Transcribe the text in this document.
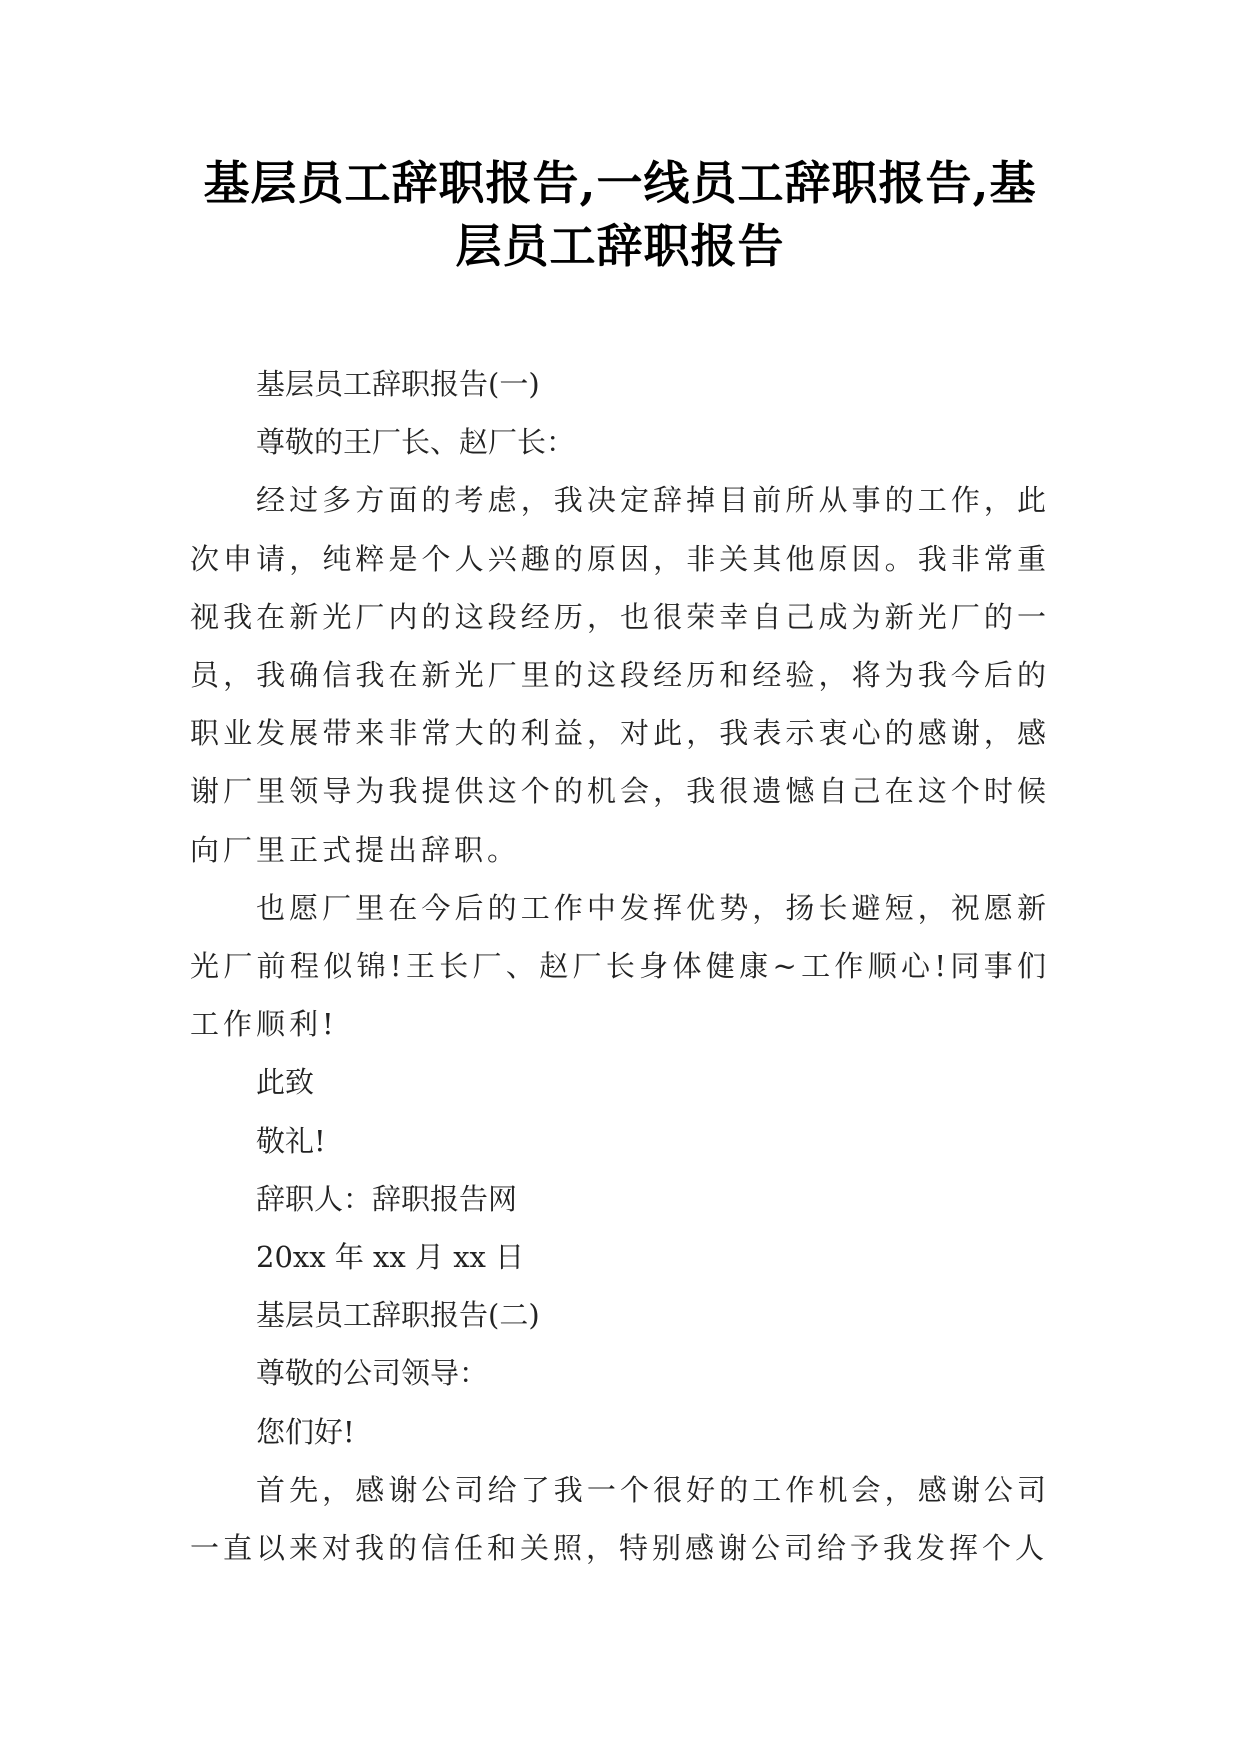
基层员工辞职报告,一线员工辞职报告,基层员工辞职报告

基层员工辞职报告(一)

尊敬的王厂长、赵厂长：

经过多方面的考虑，我决定辞掉目前所从事的工作，此次申请，纯粹是个人兴趣的原因，非关其他原因。我非常重视我在新光厂内的这段经历，也很荣幸自己成为新光厂的一员，我确信我在新光厂里的这段经历和经验，将为我今后的职业发展带来非常大的利益，对此，我表示衷心的感谢，感谢厂里领导为我提供这个的机会，我很遗憾自己在这个时候向厂里正式提出辞职。

也愿厂里在今后的工作中发挥优势，扬长避短，祝愿新光厂前程似锦!王长厂、赵厂长身体健康~工作顺心!同事们工作顺利!

此致

敬礼!

辞职人：辞职报告网

20xx 年 xx 月 xx 日

基层员工辞职报告(二)

尊敬的公司领导：

您们好!

首先，感谢公司给了我一个很好的工作机会，感谢公司一直以来对我的信任和关照，特别感谢公司给予我发挥个人
